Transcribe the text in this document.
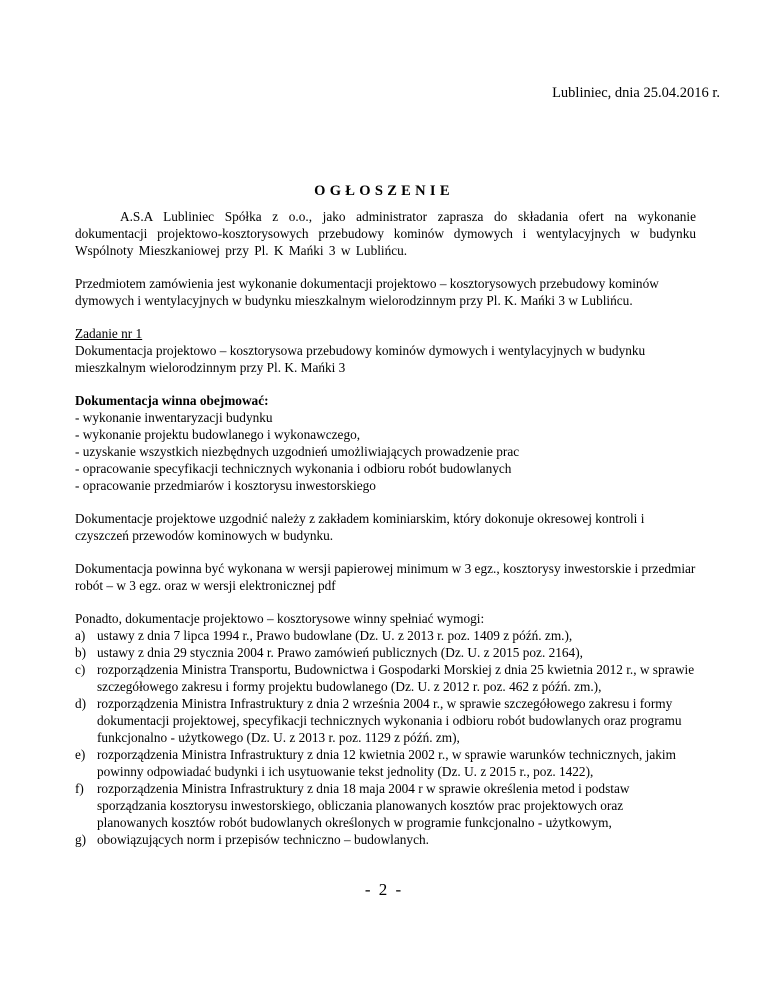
Lubliniec, dnia 25.04.2016 r.
OGŁOSZENIE

A.S.A Lubliniec Spółka z o.o., jako administrator zaprasza do składania ofert na wykonanie dokumentacji projektowo-kosztorysowych przebudowy kominów dymowych i wentylacyjnych w budynku Wspólnoty Mieszkaniowej przy Pl. K Mańki 3 w Lublińcu.

Przedmiotem zamówienia jest wykonanie dokumentacji projektowo – kosztorysowych przebudowy kominów dymowych i wentylacyjnych w budynku mieszkalnym wielorodzinnym przy Pl. K. Mańki 3 w Lublińcu.

Zadanie nr 1

Dokumentacja projektowo – kosztorysowa przebudowy kominów dymowych i wentylacyjnych w budynku mieszkalnym wielorodzinnym przy Pl. K. Mańki 3

Dokumentacja winna obejmować:

- wykonanie inwentaryzacji budynku
- wykonanie projektu budowlanego i wykonawczego,
- uzyskanie wszystkich niezbędnych uzgodnień umożliwiających prowadzenie prac
- opracowanie specyfikacji technicznych wykonania i odbioru robót budowlanych
- opracowanie przedmiarów i kosztorysu inwestorskiego

Dokumentacje projektowe uzgodnić należy z zakładem kominiarskim, który dokonuje okresowej kontroli i czyszczeń przewodów kominowych w budynku.

Dokumentacja powinna być wykonana w wersji papierowej minimum w 3 egz., kosztorysy inwestorskie i przedmiar robót – w 3 egz. oraz w wersji elektronicznej pdf

Ponadto, dokumentacje projektowo – kosztorysowe winny spełniać wymogi:

a) ustawy z dnia 7 lipca 1994 r., Prawo budowlane (Dz. U. z 2013 r. poz. 1409 z późń. zm.),
b) ustawy z dnia 29 stycznia 2004 r. Prawo zamówień publicznych (Dz. U. z 2015 poz. 2164),
c) rozporządzenia Ministra Transportu, Budownictwa i Gospodarki Morskiej z dnia 25 kwietnia 2012 r., w sprawie szczegółowego zakresu i formy projektu budowlanego (Dz. U. z 2012 r. poz. 462 z późń. zm.),
d) rozporządzenia Ministra Infrastruktury z dnia 2 września 2004 r., w sprawie szczegółowego zakresu i formy dokumentacji projektowej, specyfikacji technicznych wykonania i odbioru robót budowlanych oraz programu funkcjonalno - użytkowego (Dz. U. z 2013 r. poz. 1129 z późń. zm),
e) rozporządzenia Ministra Infrastruktury z dnia 12 kwietnia 2002 r., w sprawie warunków technicznych, jakim powinny odpowiadać budynki i ich usytuowanie tekst jednolity (Dz. U. z 2015 r., poz. 1422),
f) rozporządzenia Ministra Infrastruktury z dnia 18 maja 2004 r w sprawie określenia metod i podstaw sporządzania kosztorysu inwestorskiego, obliczania planowanych kosztów prac projektowych oraz planowanych kosztów robót budowlanych określonych w programie funkcjonalno - użytkowym,
g) obowiązujących norm i przepisów techniczno – budowlanych.
- 2 -
